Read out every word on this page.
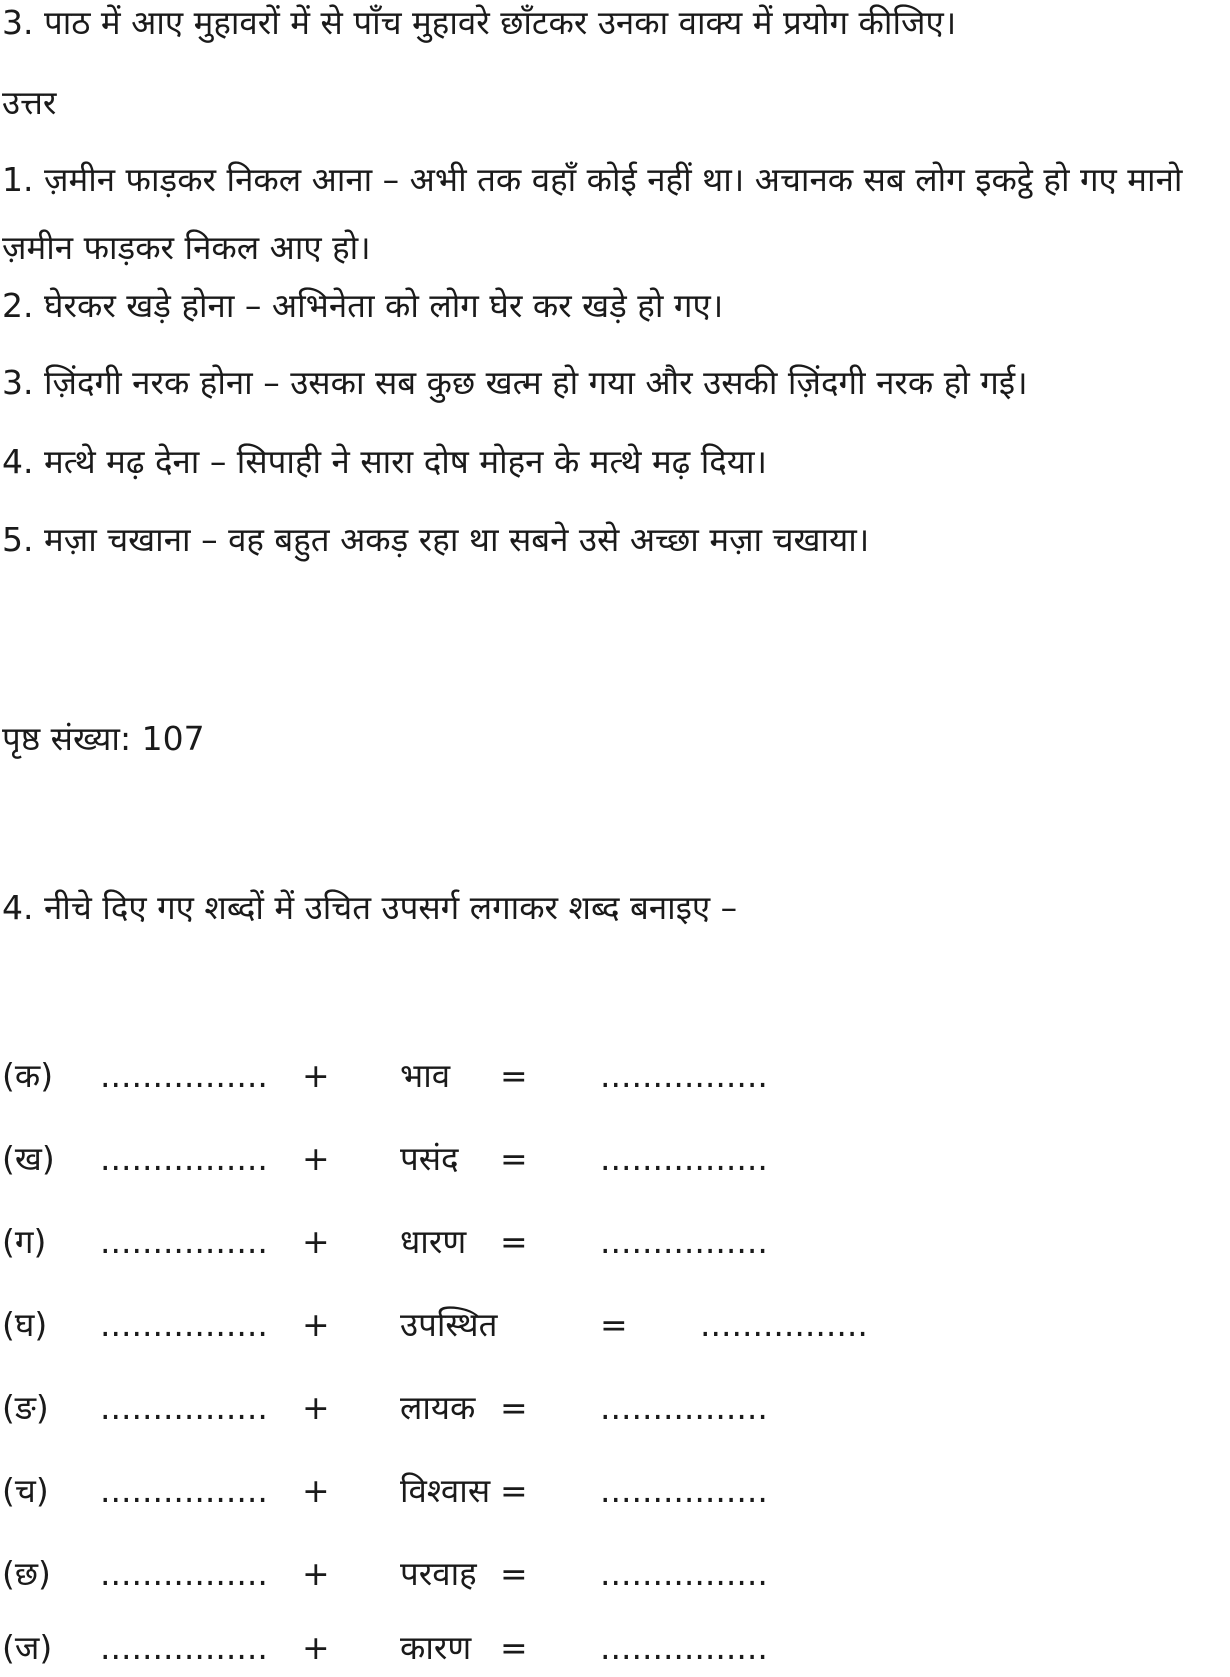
3. पाठ में आए मुहावरों में से पाँच मुहावरे छाँटकर उनका वाक्य में प्रयोग कीजिए।
उत्तर
1. ज़मीन फाड़कर निकल आना – अभी तक वहाँ कोई नहीं था। अचानक सब लोग इकट्ठे हो गए मानो ज़मीन फाड़कर निकल आए हो।
2. घेरकर खड़े होना – अभिनेता को लोग घेर कर खड़े हो गए।
3. ज़िंदगी नरक होना – उसका सब कुछ खत्म हो गया और उसकी ज़िंदगी नरक हो गई।
4. मत्थे मढ़ देना – सिपाही ने सारा दोष मोहन के मत्थे मढ़ दिया।
5. मज़ा चखाना – वह बहुत अकड़ रहा था सबने उसे अच्छा मज़ा चखाया।
पृष्ठ संख्या: 107
4. नीचे दिए गए शब्दों में उचित उपसर्ग लगाकर शब्द बनाइए –
(क) ................ + भाव = ................
(ख) ................ + पसंद = ................
(ग) ................ + धारण = ................
(घ) ................ + उपस्थित	= ................
(ङ) ................ + लायक = ................
(च) ................ + विश्वास = ................
(छ) ................ + परवाह = ................
(ज) ................ + कारण = ................
